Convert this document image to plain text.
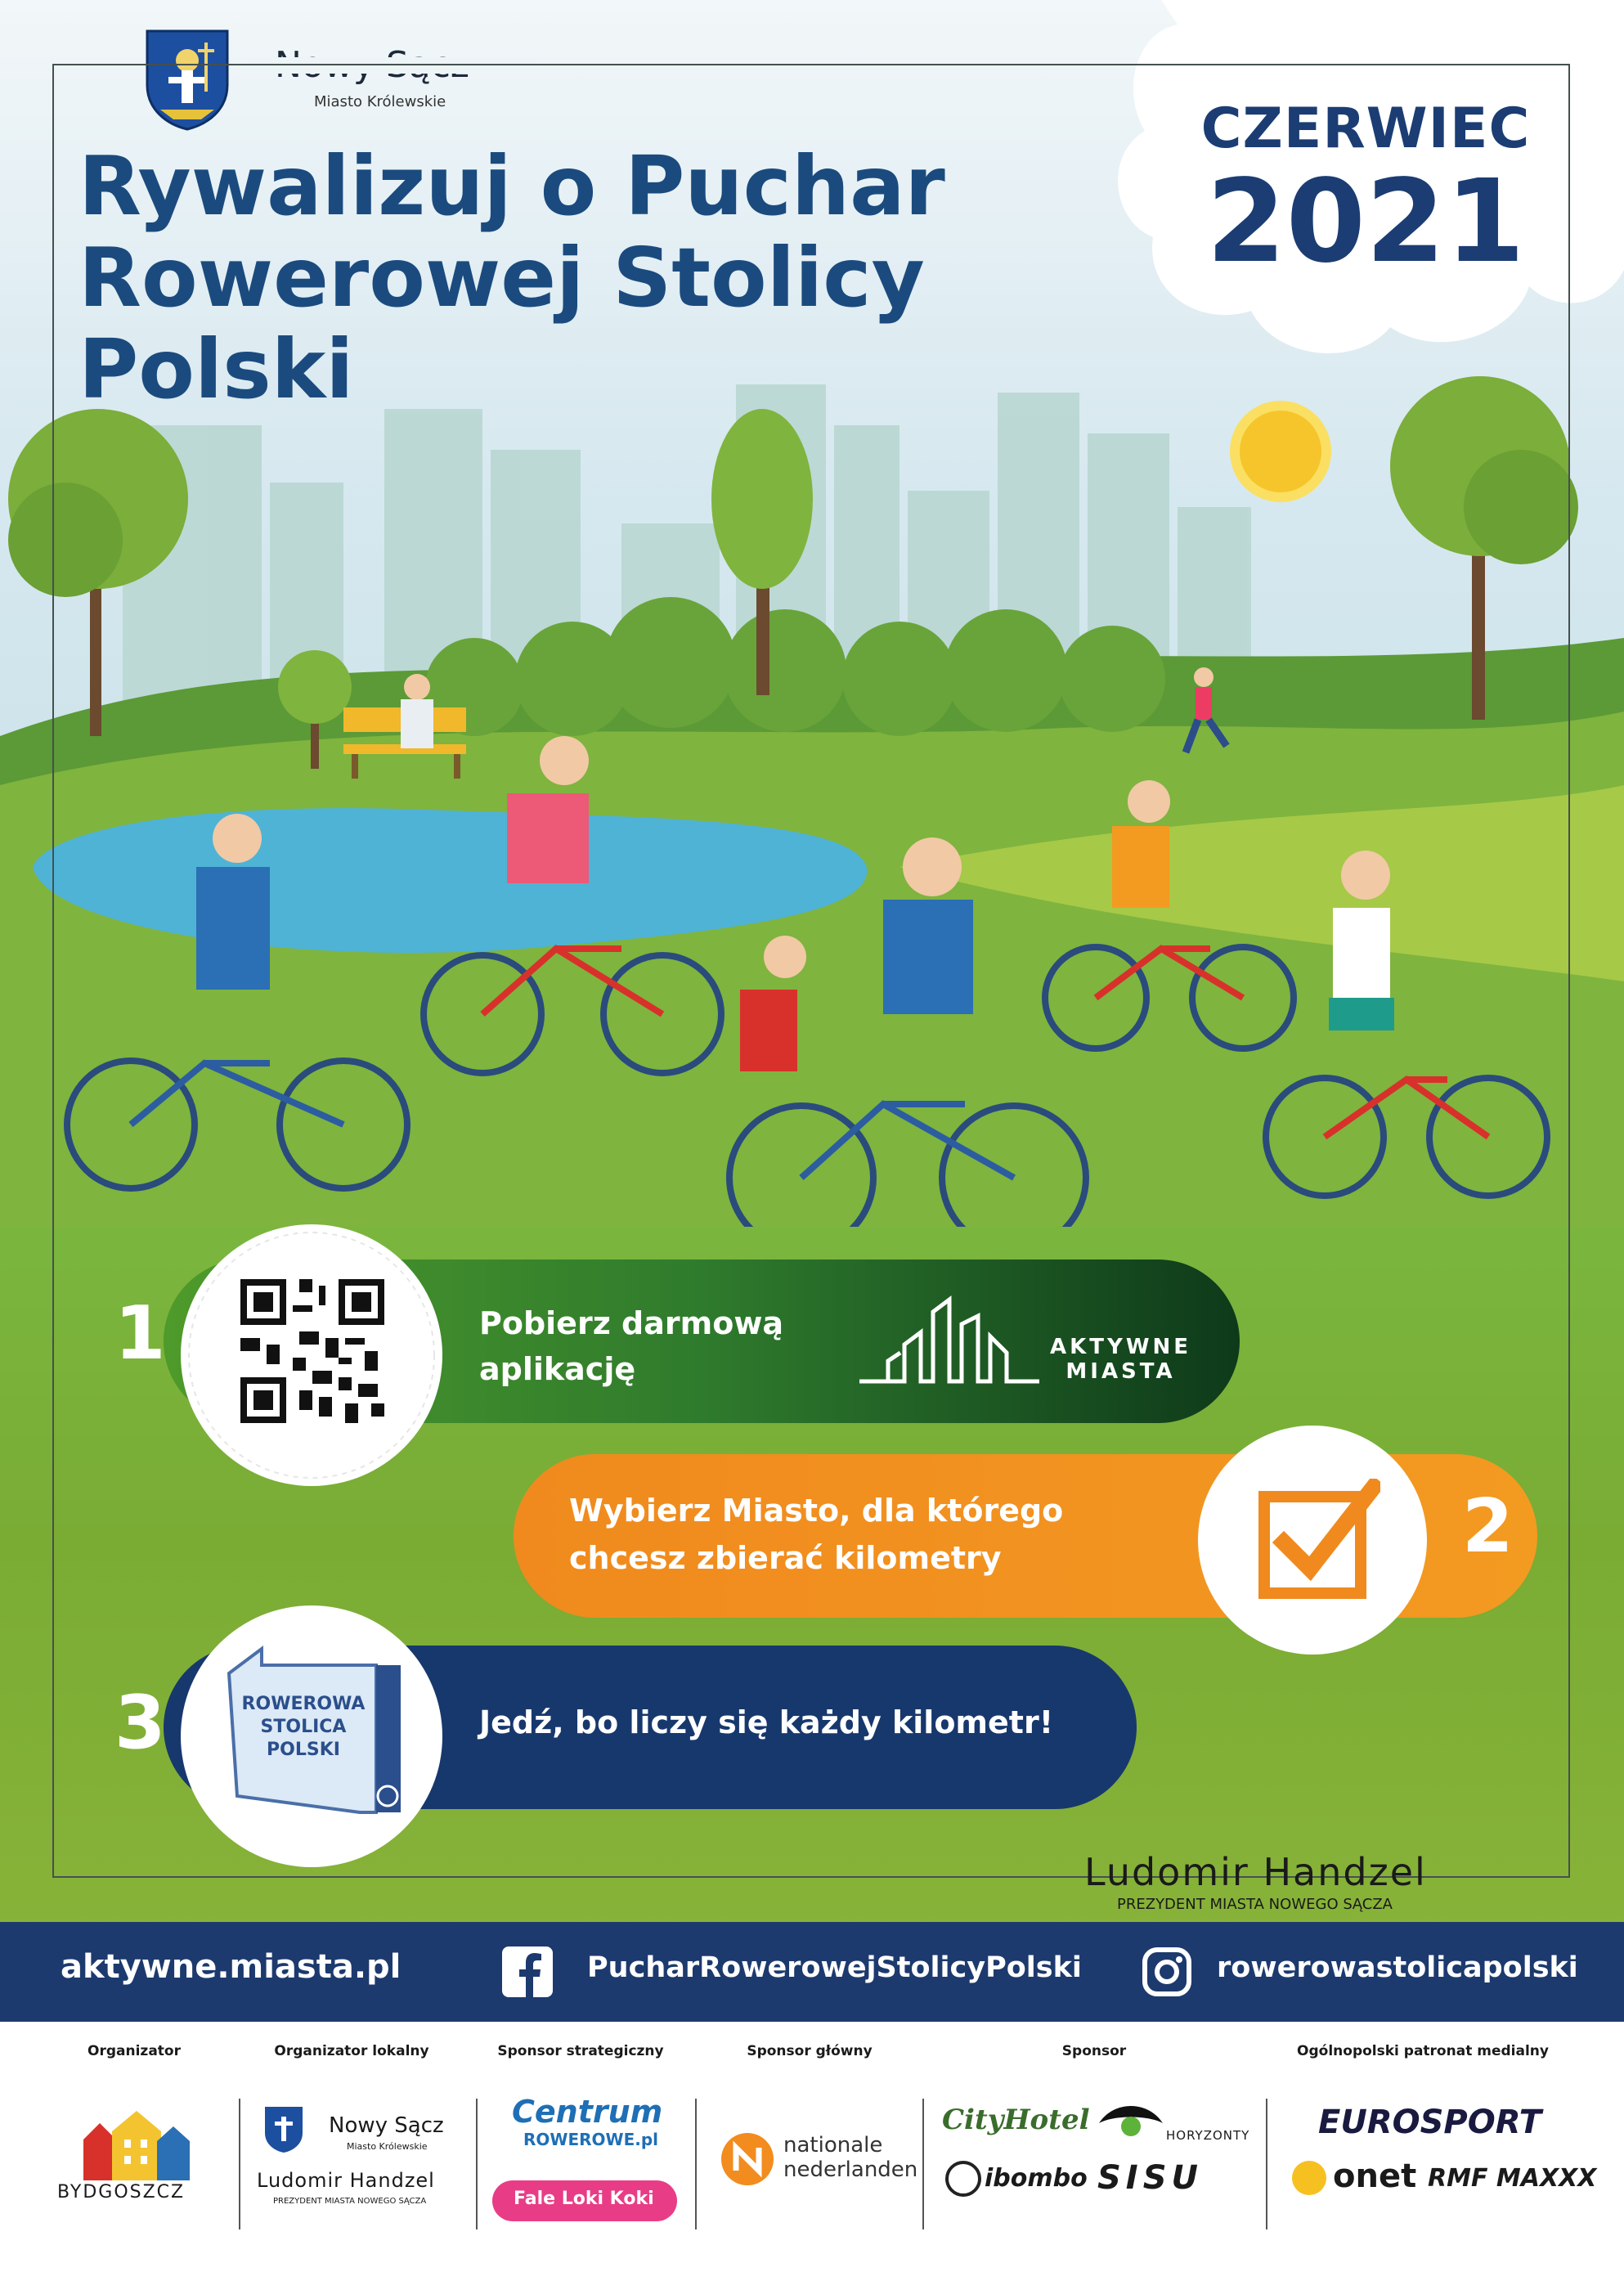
CZERWIEC
2021
Miasto Królewskie
Rywalizuj o Puchar
Rowerowej Stolicy
Polski
1	Pobierz darmową
aplikację
AKTYWNE
MIASTA
Wybierz Miasto, dla którego
chcesz zbierać kilometry	2
3	ROWEROWA
STOLICA
POLSKI
Jedź, bo liczy się każdy kilometr!
Ludomir Handzel
PREZYDENT MIASTA NOWEGO SĄCZA
aktywne.miasta.pl	PucharRowerowejStolicyPolski	rowerowastolicapolski
Organizator	Organizator lokalny	Sponsor strategiczny	Sponsor główny	Sponsor	Ogólnopolski patronat medialny
BYDGOSZCZ
Nowy Sącz
Miasto Królewskie
Ludomir Handzel
PREZYDENT MIASTA NOWEGO SĄCZA
Centrum
ROWEROWE.pl
Fale Loki Koki
nationale
nederlanden
CityHotel
ibombo
HORYZONTY
SISU
EUROSPORT
onet RMF MAXXX
